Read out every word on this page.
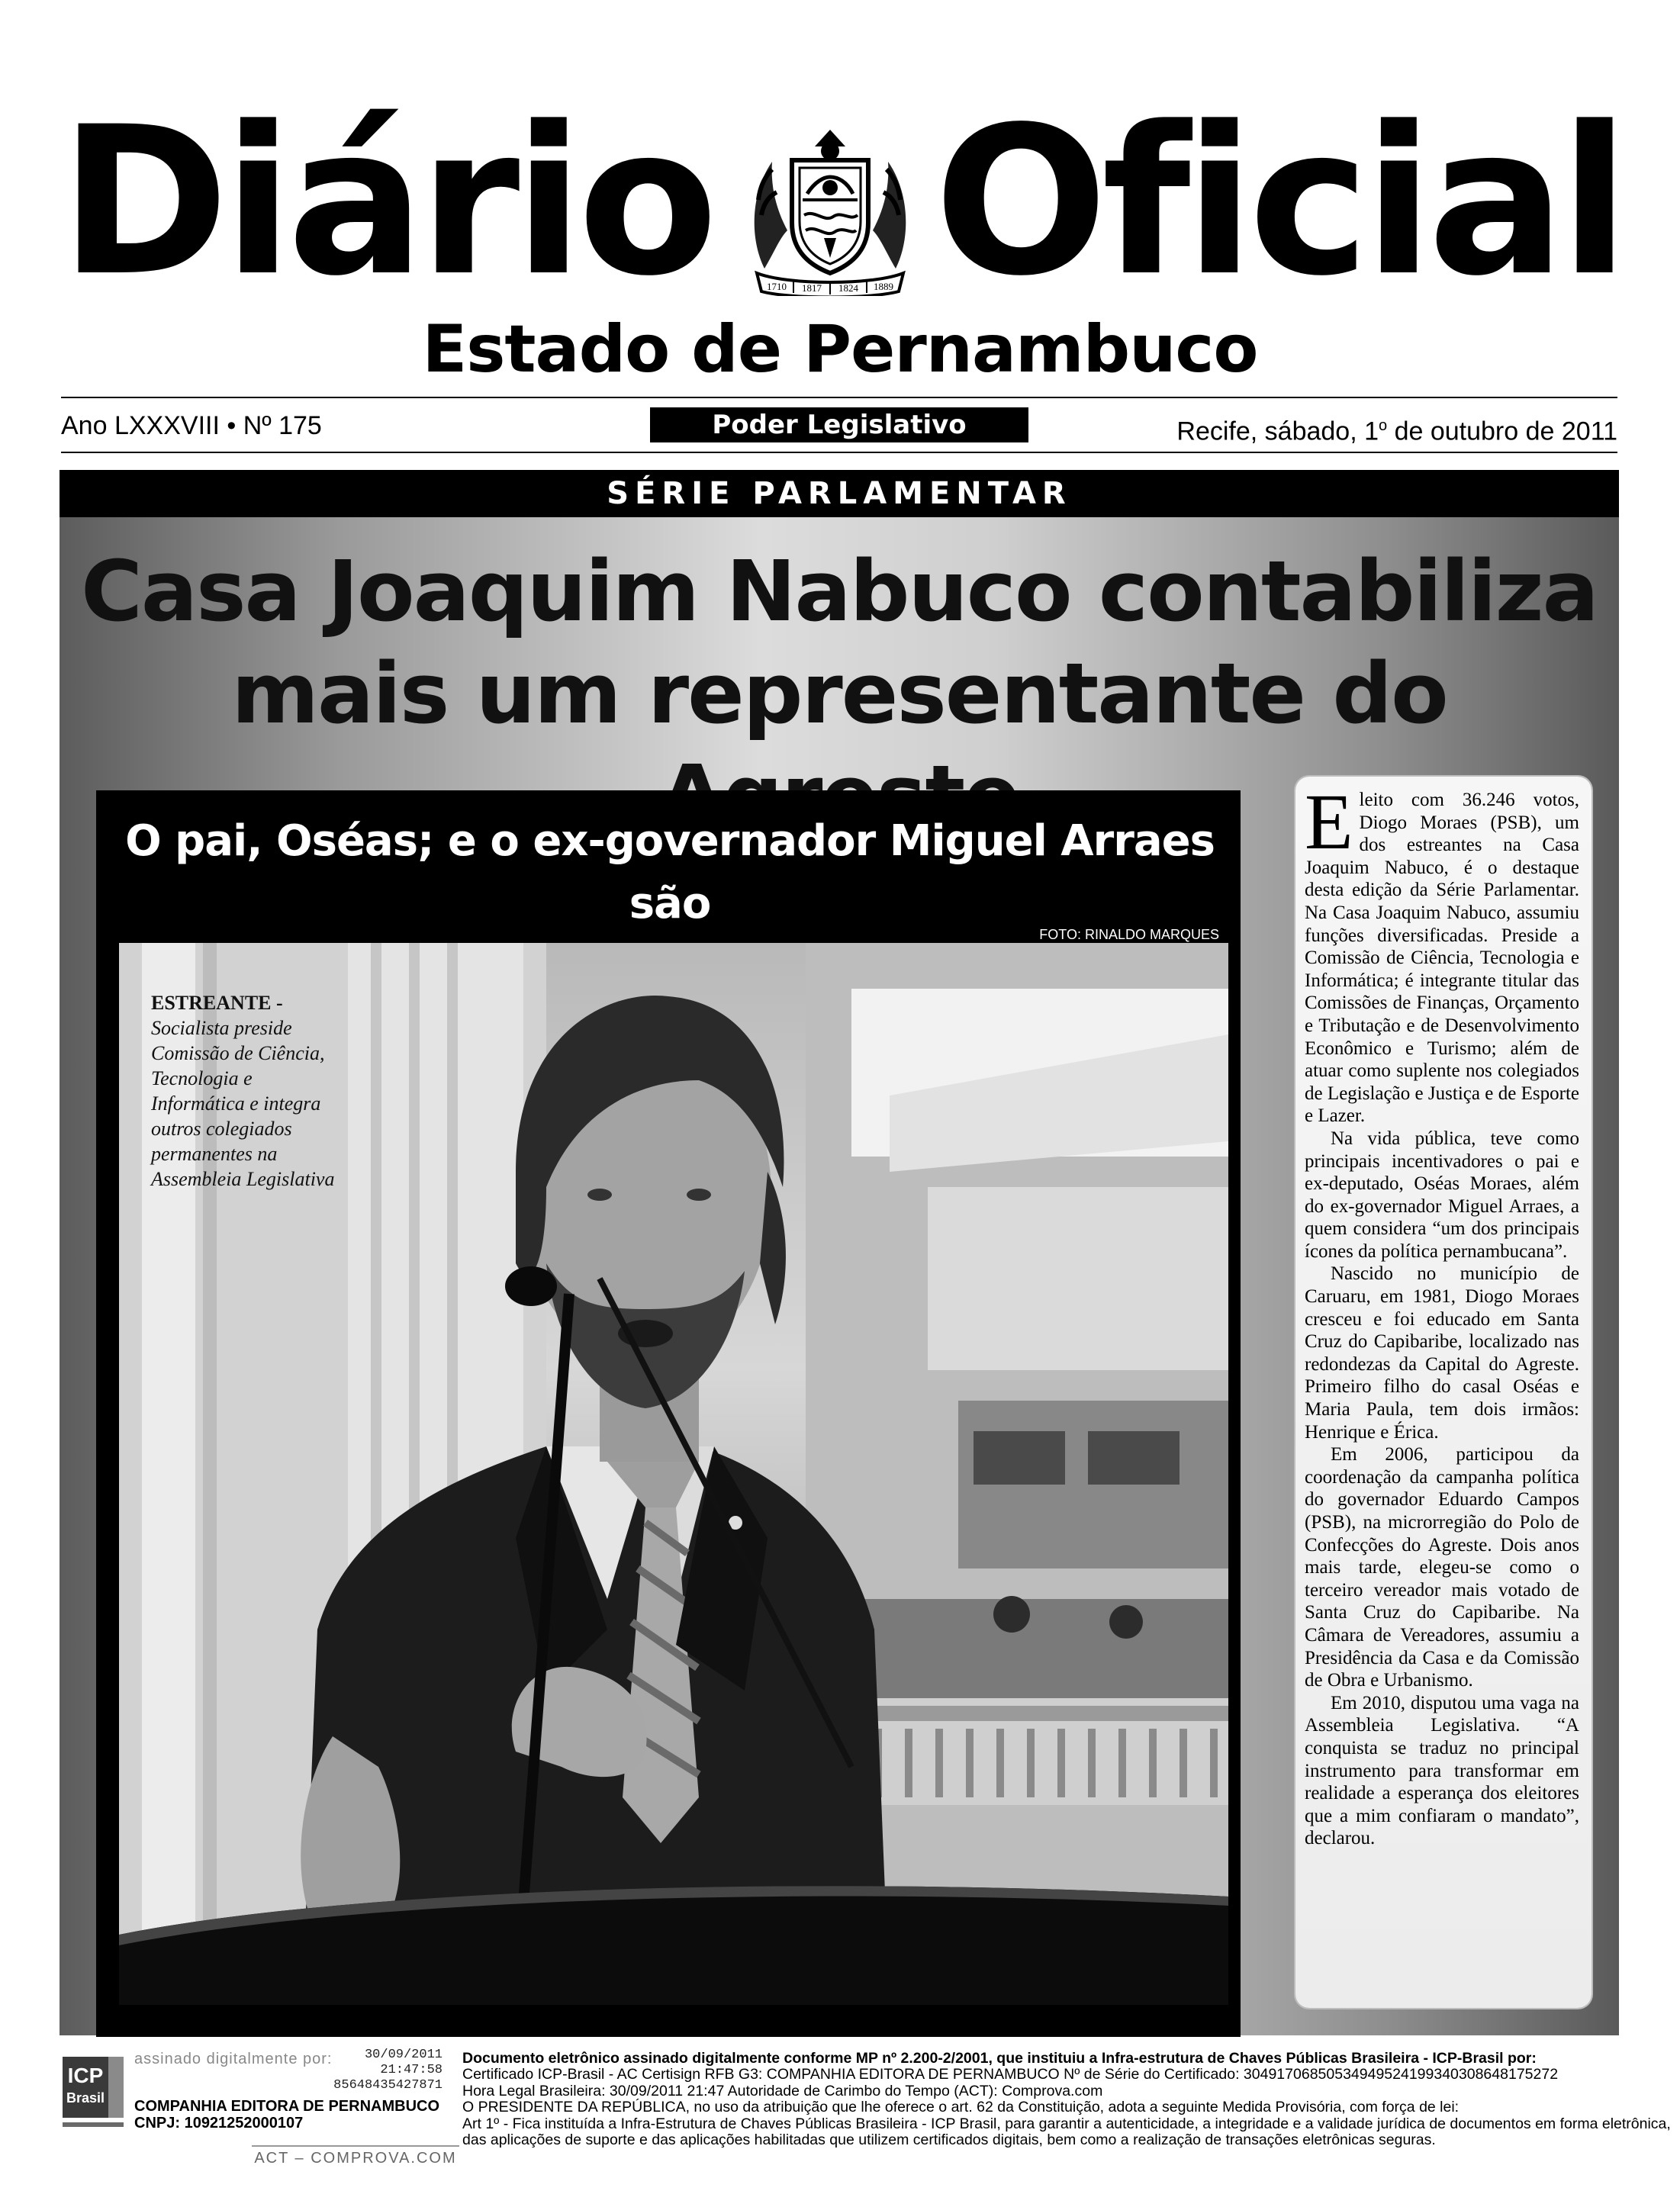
Diário	1710 1817 1824 1889 Oficial
Estado de Pernambuco
Ano LXXXVIII • Nº 175	Poder Legislativo	Recife, sábado, 1$^o$ de outubro de 2011
SÉRIE PARLAMENTAR
Casa Joaquim Nabuco contabiliza
mais um representante do
O pai, Oséas; e o ex-governador Miguel Arraes são
FOTO: RINALDO MARQUES
ESTREANTE -
Socialista preside Comissão de Ciência, Tecnologia e Informática e integra outros colegiados permanentes na Assembleia Legislativa

Eleito com 36.246 votos, Diogo Moraes (PSB), um dos estreantes na Casa Joaquim Nabuco, é o destaque desta edição da Série Parlamentar. Na Casa Joaquim Nabuco, assumiu funções diversificadas. Preside a Comissão de Ciência, Tecnologia e Informática; é integrante titular das Comissões de Finanças, Orçamento e Tributação e de Desenvolvimento Econômico e Turismo; além de atuar como suplente nos colegiados de Legislação e Justiça e de Esporte e Lazer.

Na vida pública, teve como principais incentivadores o pai e ex-deputado, Oséas Moraes, além do ex-governador Miguel Arraes, a quem considera “um dos principais ícones da política pernambucana”.

Nascido no município de Caruaru, em 1981, Diogo Moraes cresceu e foi educado em Santa Cruz do Capibaribe, localizado nas redondezas da Capital do Agreste. Primeiro filho do casal Oséas e Maria Paula, tem dois irmãos: Henrique e Érica.

Em 2006, participou da coordenação da campanha política do governador Eduardo Campos (PSB), na microrregião do Polo de Confecções do Agreste. Dois anos mais tarde, elegeu-se como o terceiro vereador mais votado de Santa Cruz do Capibaribe. Na Câmara de Vereadores, assumiu a Presidência da Casa e da Comissão de Obra e Urbanismo.

Em 2010, disputou uma vaga na Assembleia Legislativa. “A conquista se traduz no principal instrumento para transformar em realidade a esperança dos eleitores que a mim confiaram o mandato”, declarou.

ICP
Brasil
assinado digitalmente por: 30/09/2011
21:47:58
85648435427871
COMPANHIA EDITORA DE PERNAMBUCO
CNPJ: 10921252000107
ACT – COMPROVA.COM
Documento eletrônico assinado digitalmente conforme MP nº 2.200-2/2001, que instituiu a Infra-estrutura de Chaves Públicas Brasileira - ICP-Brasil por:
Certificado ICP-Brasil - AC Certisign RFB G3: COMPANHIA EDITORA DE PERNAMBUCO Nº de Série do Certificado: 30491706850534949524199340308648175272
Hora Legal Brasileira: 30/09/2011 21:47 Autoridade de Carimbo do Tempo (ACT): Comprova.com
O PRESIDENTE DA REPÚBLICA, no uso da atribuição que lhe oferece o art. 62 da Constituição, adota a seguinte Medida Provisória, com força de lei:
Art 1º - Fica instituída a Infra-Estrutura de Chaves Públicas Brasileira - ICP Brasil, para garantir a autenticidade, a integridade e a validade jurídica de documentos em forma eletrônica,
das aplicações de suporte e das aplicações habilitadas que utilizem certificados digitais, bem como a realização de transações eletrônicas seguras.
